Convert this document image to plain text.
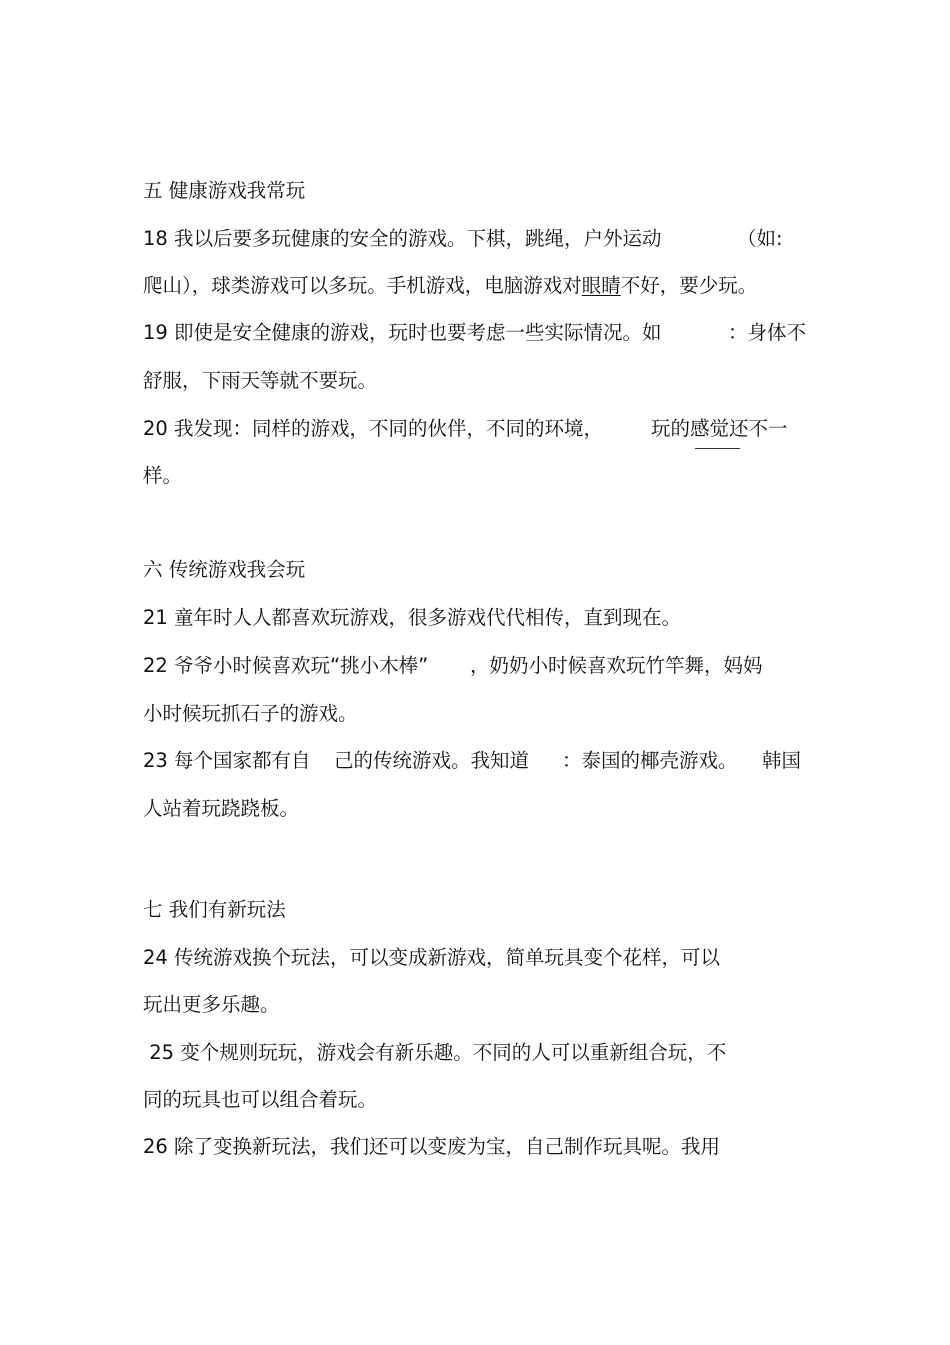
五 健康游戏我常玩
18 我以后要多玩健康的安全的游戏。下棋，跳绳，户外运动	（如:
爬山），球类游戏可以多玩。手机游戏，电脑游戏对眼睛不好，要少玩。
19 即使是安全健康的游戏，玩时也要考虑一些实际情况。如	：身体不
舒服，下雨天等就不要玩。
20 我发现：同样的游戏，不同的伙伴，不同的环境， 玩的感觉还不一
样。
六 传统游戏我会玩
21 童年时人人都喜欢玩游戏，很多游戏代代相传，直到现在。
22 爷爷小时候喜欢玩“挑小木棒” ，奶奶小时候喜欢玩竹竿舞，妈妈
小时候玩抓石子的游戏。
23 每个国家都有自 己的传统游戏。我知道 ：泰国的椰壳游戏。 韩国
人站着玩跷跷板。
七 我们有新玩法
24 传统游戏换个玩法，可以变成新游戏，简单玩具变个花样，可以
玩出更多乐趣。
25 变个规则玩玩，游戏会有新乐趣。不同的人可以重新组合玩，不
同的玩具也可以组合着玩。
26 除了变换新玩法，我们还可以变废为宝，自己制作玩具呢。我用
